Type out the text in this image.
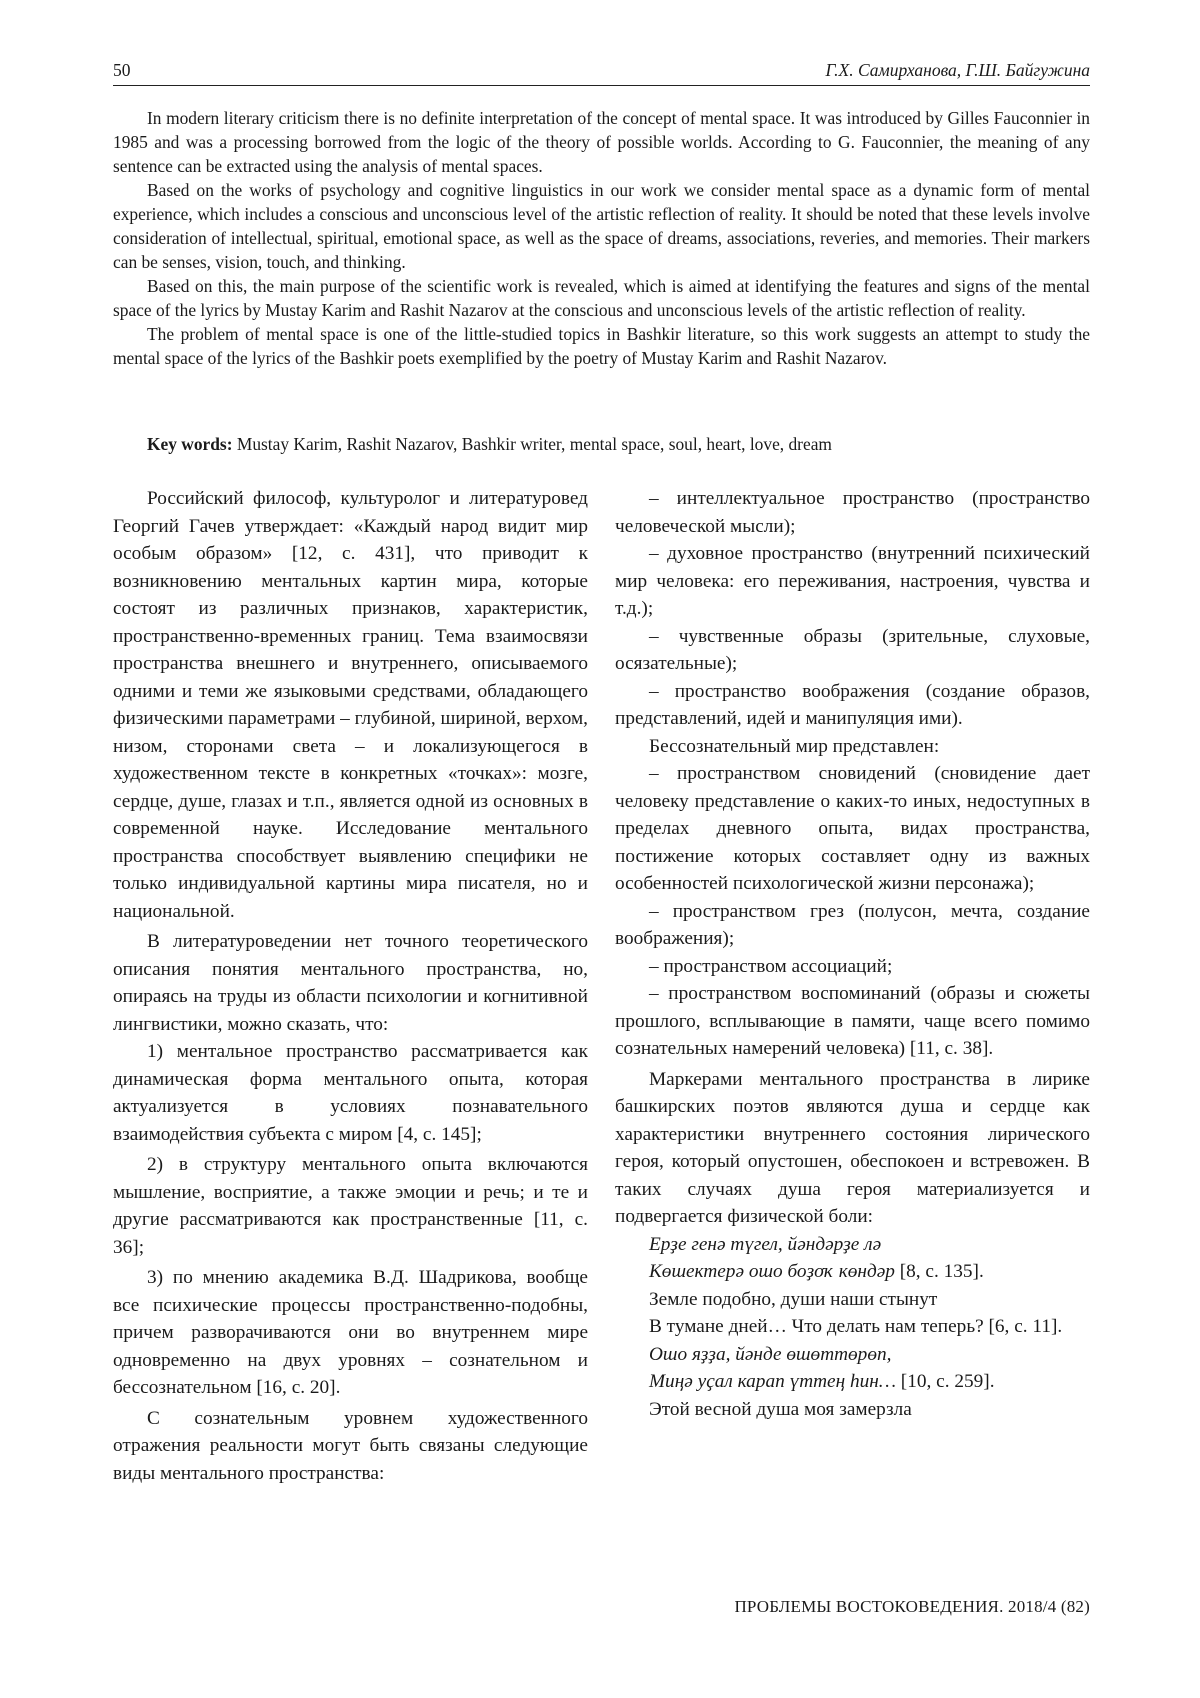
50	Г.Х. Самирханова, Г.Ш. Байгужина

In modern literary criticism there is no definite interpretation of the concept of mental space. It was introduced by Gilles Fauconnier in 1985 and was a processing borrowed from the logic of the theory of possible worlds. According to G. Fauconnier, the meaning of any sentence can be extracted using the analysis of mental spaces.

Based on the works of psychology and cognitive linguistics in our work we consider mental space as a dynamic form of mental experience, which includes a conscious and unconscious level of the artistic reflection of reality. It should be noted that these levels involve consideration of intellectual, spiritual, emotional space, as well as the space of dreams, associations, reveries, and memories. Their markers can be senses, vision, touch, and thinking.

Based on this, the main purpose of the scientific work is revealed, which is aimed at identifying the features and signs of the mental space of the lyrics by Mustay Karim and Rashit Nazarov at the conscious and unconscious levels of the artistic reflection of reality.

The problem of mental space is one of the little-studied topics in Bashkir literature, so this work suggests an attempt to study the mental space of the lyrics of the Bashkir poets exemplified by the poetry of Mustay Karim and Rashit Nazarov.

Key words: Mustay Karim, Rashit Nazarov, Bashkir writer, mental space, soul, heart, love, dream

Российский философ, культуролог и литературовед Георгий Гачев утверждает: «Каждый народ видит мир особым образом» [12, с. 431], что приводит к возникновению ментальных картин мира, которые состоят из различных признаков, характеристик, пространственно-временных границ. Тема взаимосвязи пространства внешнего и внутреннего, описываемого одними и теми же языковыми средствами, обладающего физическими параметрами – глубиной, шириной, верхом, низом, сторонами света – и локализующегося в художественном тексте в конкретных «точках»: мозге, сердце, душе, глазах и т.п., является одной из основных в современной науке. Исследование ментального пространства способствует выявлению специфики не только индивидуальной картины мира писателя, но и национальной.

В литературоведении нет точного теоретического описания понятия ментального пространства, но, опираясь на труды из области психологии и когнитивной лингвистики, можно сказать, что:

1) ментальное пространство рассматривается как динамическая форма ментального опыта, которая актуализуется в условиях познавательного взаимодействия субъекта с миром [4, с. 145];

2) в структуру ментального опыта включаются мышление, восприятие, а также эмоции и речь; и те и другие рассматриваются как пространственные [11, с. 36];

3) по мнению академика В.Д. Шадрикова, вообще все психические процессы пространственно-подобны, причем разворачиваются они во внутреннем мире одновременно на двух уровнях – сознательном и бессознательном [16, с. 20].

С сознательным уровнем художественного отражения реальности могут быть связаны следующие виды ментального пространства:

– интеллектуальное пространство (пространство человеческой мысли);

– духовное пространство (внутренний психический мир человека: его переживания, настроения, чувства и т.д.);

– чувственные образы (зрительные, слуховые, осязательные);

– пространство воображения (создание образов, представлений, идей и манипуляция ими).

Бессознательный мир представлен:

– пространством сновидений (сновидение дает человеку представление о каких-то иных, недоступных в пределах дневного опыта, видах пространства, постижение которых составляет одну из важных особенностей психологической жизни персонажа);

– пространством грез (полусон, мечта, создание воображения);

– пространством ассоциаций;

– пространством воспоминаний (образы и сюжеты прошлого, всплывающие в памяти, чаще всего помимо сознательных намерений человека) [11, с. 38].

Маркерами ментального пространства в лирике башкирских поэтов являются душа и сердце как характеристики внутреннего состояния лирического героя, который опустошен, обеспокоен и встревожен. В таких случаях душа героя материализуется и подвергается физической боли:

Ерҙе генә түгел, йәндәрҙе лә

Көшектерә ошо боҙоҡ көндәр [8, с. 135].

Земле подобно, души наши стынут

В тумане дней… Что делать нам теперь? [6, с. 11].

Ошо яҙҙа, йәнде өшөттөрөп,

Миңә уҫал карап үттең һин… [10, с. 259].

Этой весной душа моя замерзла

ПРОБЛЕМЫ ВОСТОКОВЕДЕНИЯ. 2018/4 (82)
